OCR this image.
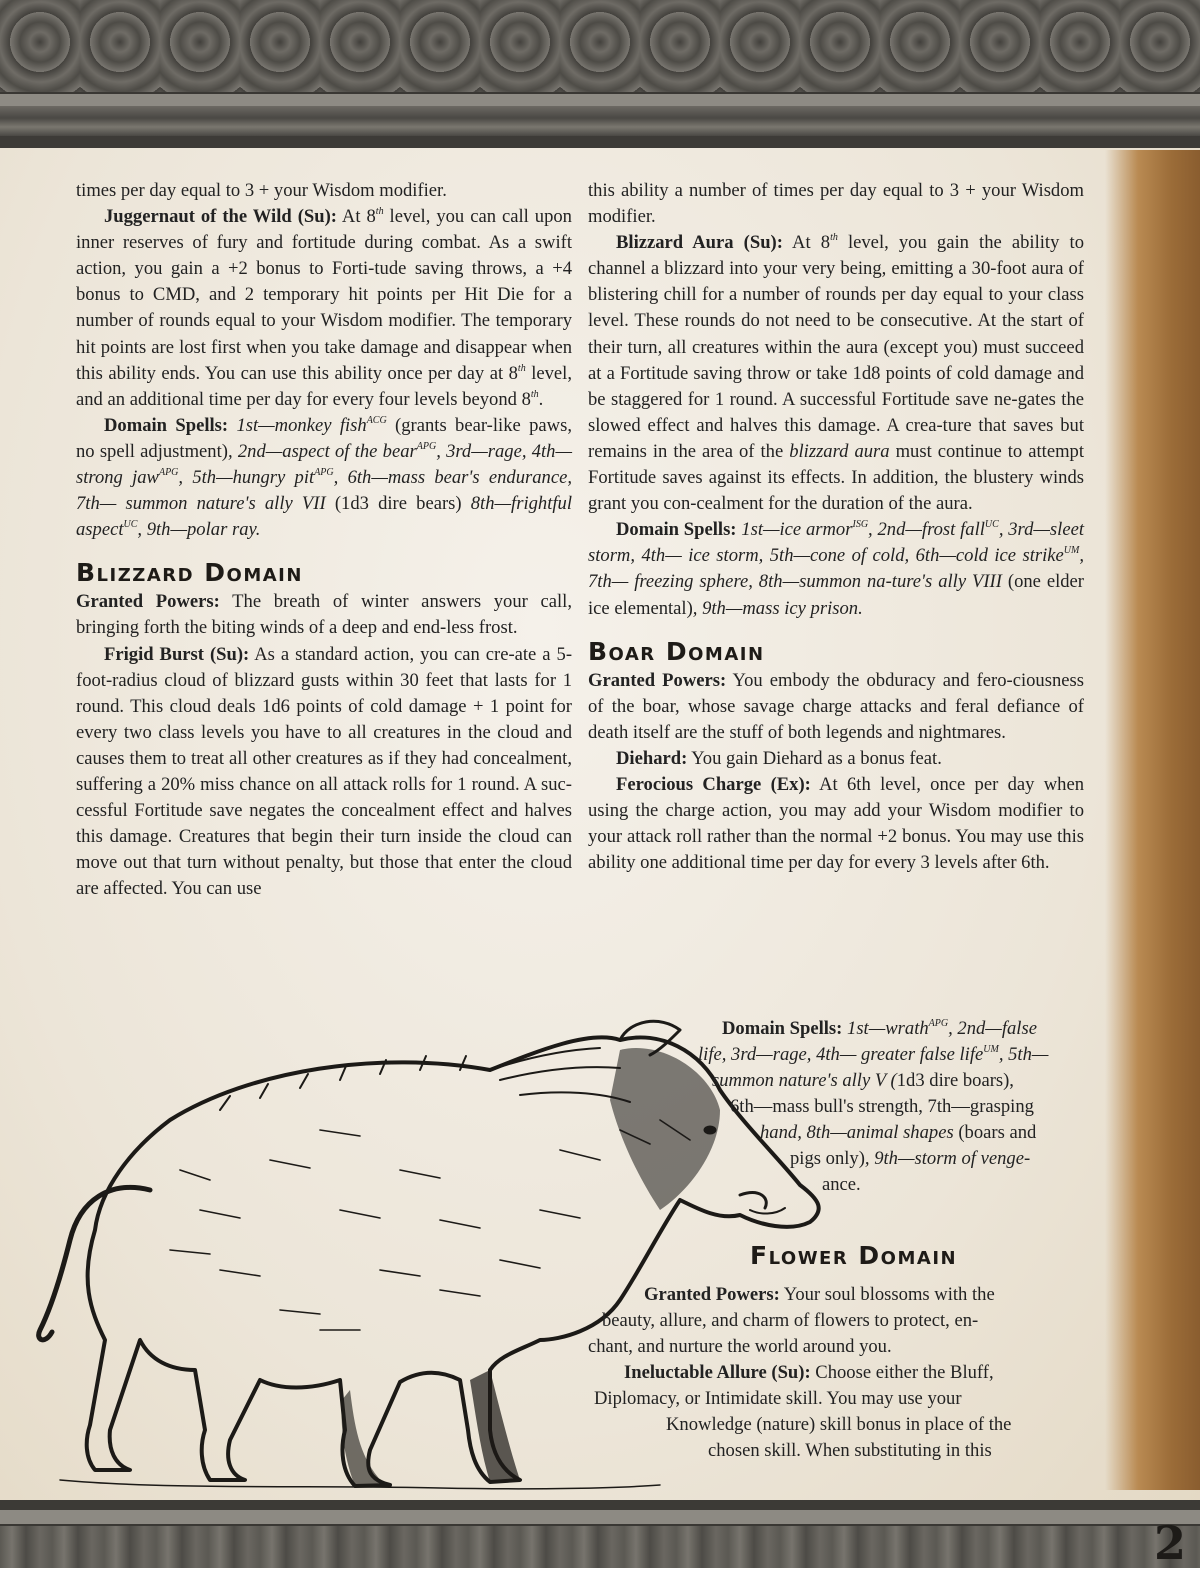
times per day equal to 3 + your Wisdom modifier.

Juggernaut of the Wild (Su): At 8th level, you can call upon inner reserves of fury and fortitude during combat. As a swift action, you gain a +2 bonus to Forti-tude saving throws, a +4 bonus to CMD, and 2 temporary hit points per Hit Die for a number of rounds equal to your Wisdom modifier. The temporary hit points are lost first when you take damage and disappear when this ability ends. You can use this ability once per day at 8th level, and an additional time per day for every four levels beyond 8th.

Domain Spells: 1st—monkey fish$^{ACG}$ (grants bear-like paws, no spell adjustment), 2nd—aspect of the bear$^{APG}$, 3rd—rage, 4th— strong jaw$^{APG}$, 5th—hungry pit$^{APG}$, 6th—mass bear's endurance, 7th— summon nature's ally VII (1d3 dire bears) 8th—frightful aspect$^{UC}$, 9th—polar ray.

Blizzard Domain

Granted Powers: The breath of winter answers your call, bringing forth the biting winds of a deep and end-less frost.

Frigid Burst (Su): As a standard action, you can cre-ate a 5-foot-radius cloud of blizzard gusts within 30 feet that lasts for 1 round. This cloud deals 1d6 points of cold damage + 1 point for every two class levels you have to all creatures in the cloud and causes them to treat all other creatures as if they had concealment, suffering a 20% miss chance on all attack rolls for 1 round. A suc-cessful Fortitude save negates the concealment effect and halves this damage. Creatures that begin their turn inside the cloud can move out that turn without penalty, but those that enter the cloud are affected. You can use

this ability a number of times per day equal to 3 + your Wisdom modifier.

Blizzard Aura (Su): At 8th level, you gain the ability to channel a blizzard into your very being, emitting a 30-foot aura of blistering chill for a number of rounds per day equal to your class level. These rounds do not need to be consecutive. At the start of their turn, all creatures within the aura (except you) must succeed at a Fortitude saving throw or take 1d8 points of cold damage and be staggered for 1 round. A successful Fortitude save ne-gates the slowed effect and halves this damage. A crea-ture that saves but remains in the area of the blizzard aura must continue to attempt Fortitude saves against its effects. In addition, the blustery winds grant you con-cealment for the duration of the aura.

Domain Spells: 1st—ice armor$^{ISG}$, 2nd—frost fall$^{UC}$, 3rd—sleet storm, 4th— ice storm, 5th—cone of cold, 6th—cold ice strike$^{UM}$, 7th— freezing sphere, 8th—summon na-ture's ally VIII (one elder ice elemental), 9th—mass icy prison.

Boar Domain

Granted Powers: You embody the obduracy and fero-ciousness of the boar, whose savage charge attacks and feral defiance of death itself are the stuff of both legends and nightmares.

Diehard: You gain Diehard as a bonus feat.

Ferocious Charge (Ex): At 6th level, once per day when using the charge action, you may add your Wisdom modifier to your attack roll rather than the normal +2 bonus. You may use this ability one additional time per day for every 3 levels after 6th.

Domain Spells: 1st—wrath$^{APG}$, 2nd—false
life, 3rd—rage, 4th— greater false life$^{UM}$, 5th—
summon nature's ally V (1d3 dire boars),
6th—mass bull's strength, 7th—grasping
hand, 8th—animal shapes (boars and
pigs only), 9th—storm of venge-
ance.
Flower Domain
Granted Powers: Your soul blossoms with the
beauty, allure, and charm of flowers to protect, en-
chant, and nurture the world around you.
Ineluctable Allure (Su): Choose either the Bluff,
Diplomacy, or Intimidate skill. You may use your
Knowledge (nature) skill bonus in place of the
chosen skill. When substituting in this
2
